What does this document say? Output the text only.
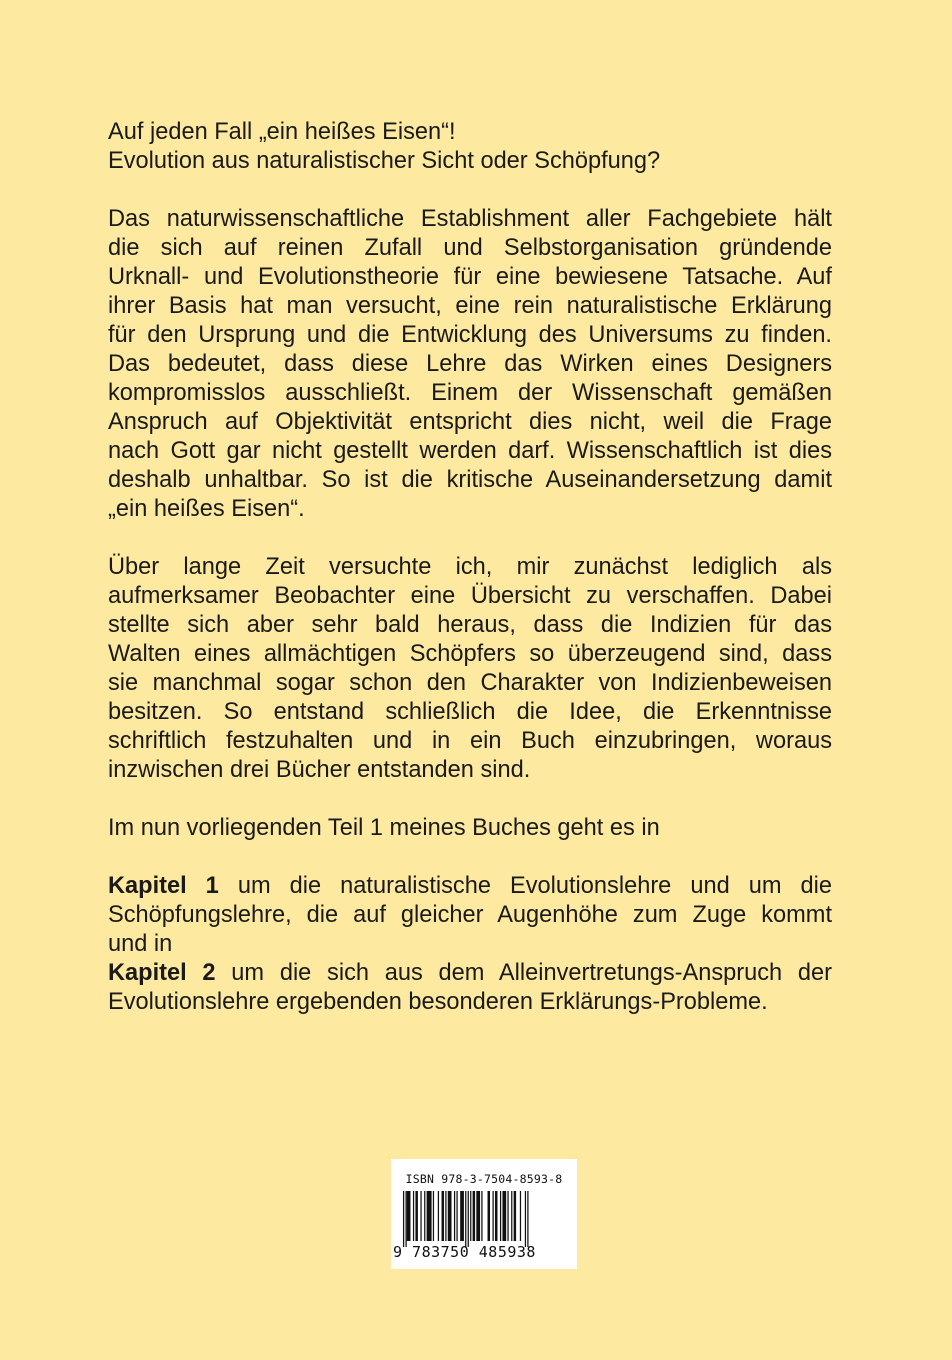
Auf jeden Fall „ein heißes Eisen“!
Evolution aus naturalistischer Sicht oder Schöpfung?

Das naturwissenschaftliche Establishment aller Fachgebiete hält
die sich auf reinen Zufall und Selbstorganisation gründende
Urknall- und Evolutionstheorie für eine bewiesene Tatsache. Auf
ihrer Basis hat man versucht, eine rein naturalistische Erklärung
für den Ursprung und die Entwicklung des Universums zu finden.
Das bedeutet, dass diese Lehre das Wirken eines Designers
kompromisslos ausschließt. Einem der Wissenschaft gemäßen
Anspruch auf Objektivität entspricht dies nicht, weil die Frage
nach Gott gar nicht gestellt werden darf. Wissenschaftlich ist dies
deshalb unhaltbar. So ist die kritische Auseinandersetzung damit
„ein heißes Eisen“.

Über lange Zeit versuchte ich, mir zunächst lediglich als
aufmerksamer Beobachter eine Übersicht zu verschaffen. Dabei
stellte sich aber sehr bald heraus, dass die Indizien für das
Walten eines allmächtigen Schöpfers so überzeugend sind, dass
sie manchmal sogar schon den Charakter von Indizienbeweisen
besitzen. So entstand schließlich die Idee, die Erkenntnisse
schriftlich festzuhalten und in ein Buch einzubringen, woraus
inzwischen drei Bücher entstanden sind.

Im nun vorliegenden Teil 1 meines Buches geht es in

Kapitel 1 um die naturalistische Evolutionslehre und um die
Schöpfungslehre, die auf gleicher Augenhöhe zum Zuge kommt
und in
Kapitel 2 um die sich aus dem Alleinvertretungs-Anspruch der
Evolutionslehre ergebenden besonderen Erklärungs-Probleme.

ISBN 978-3-7504-8593-8
9 783750 485938
